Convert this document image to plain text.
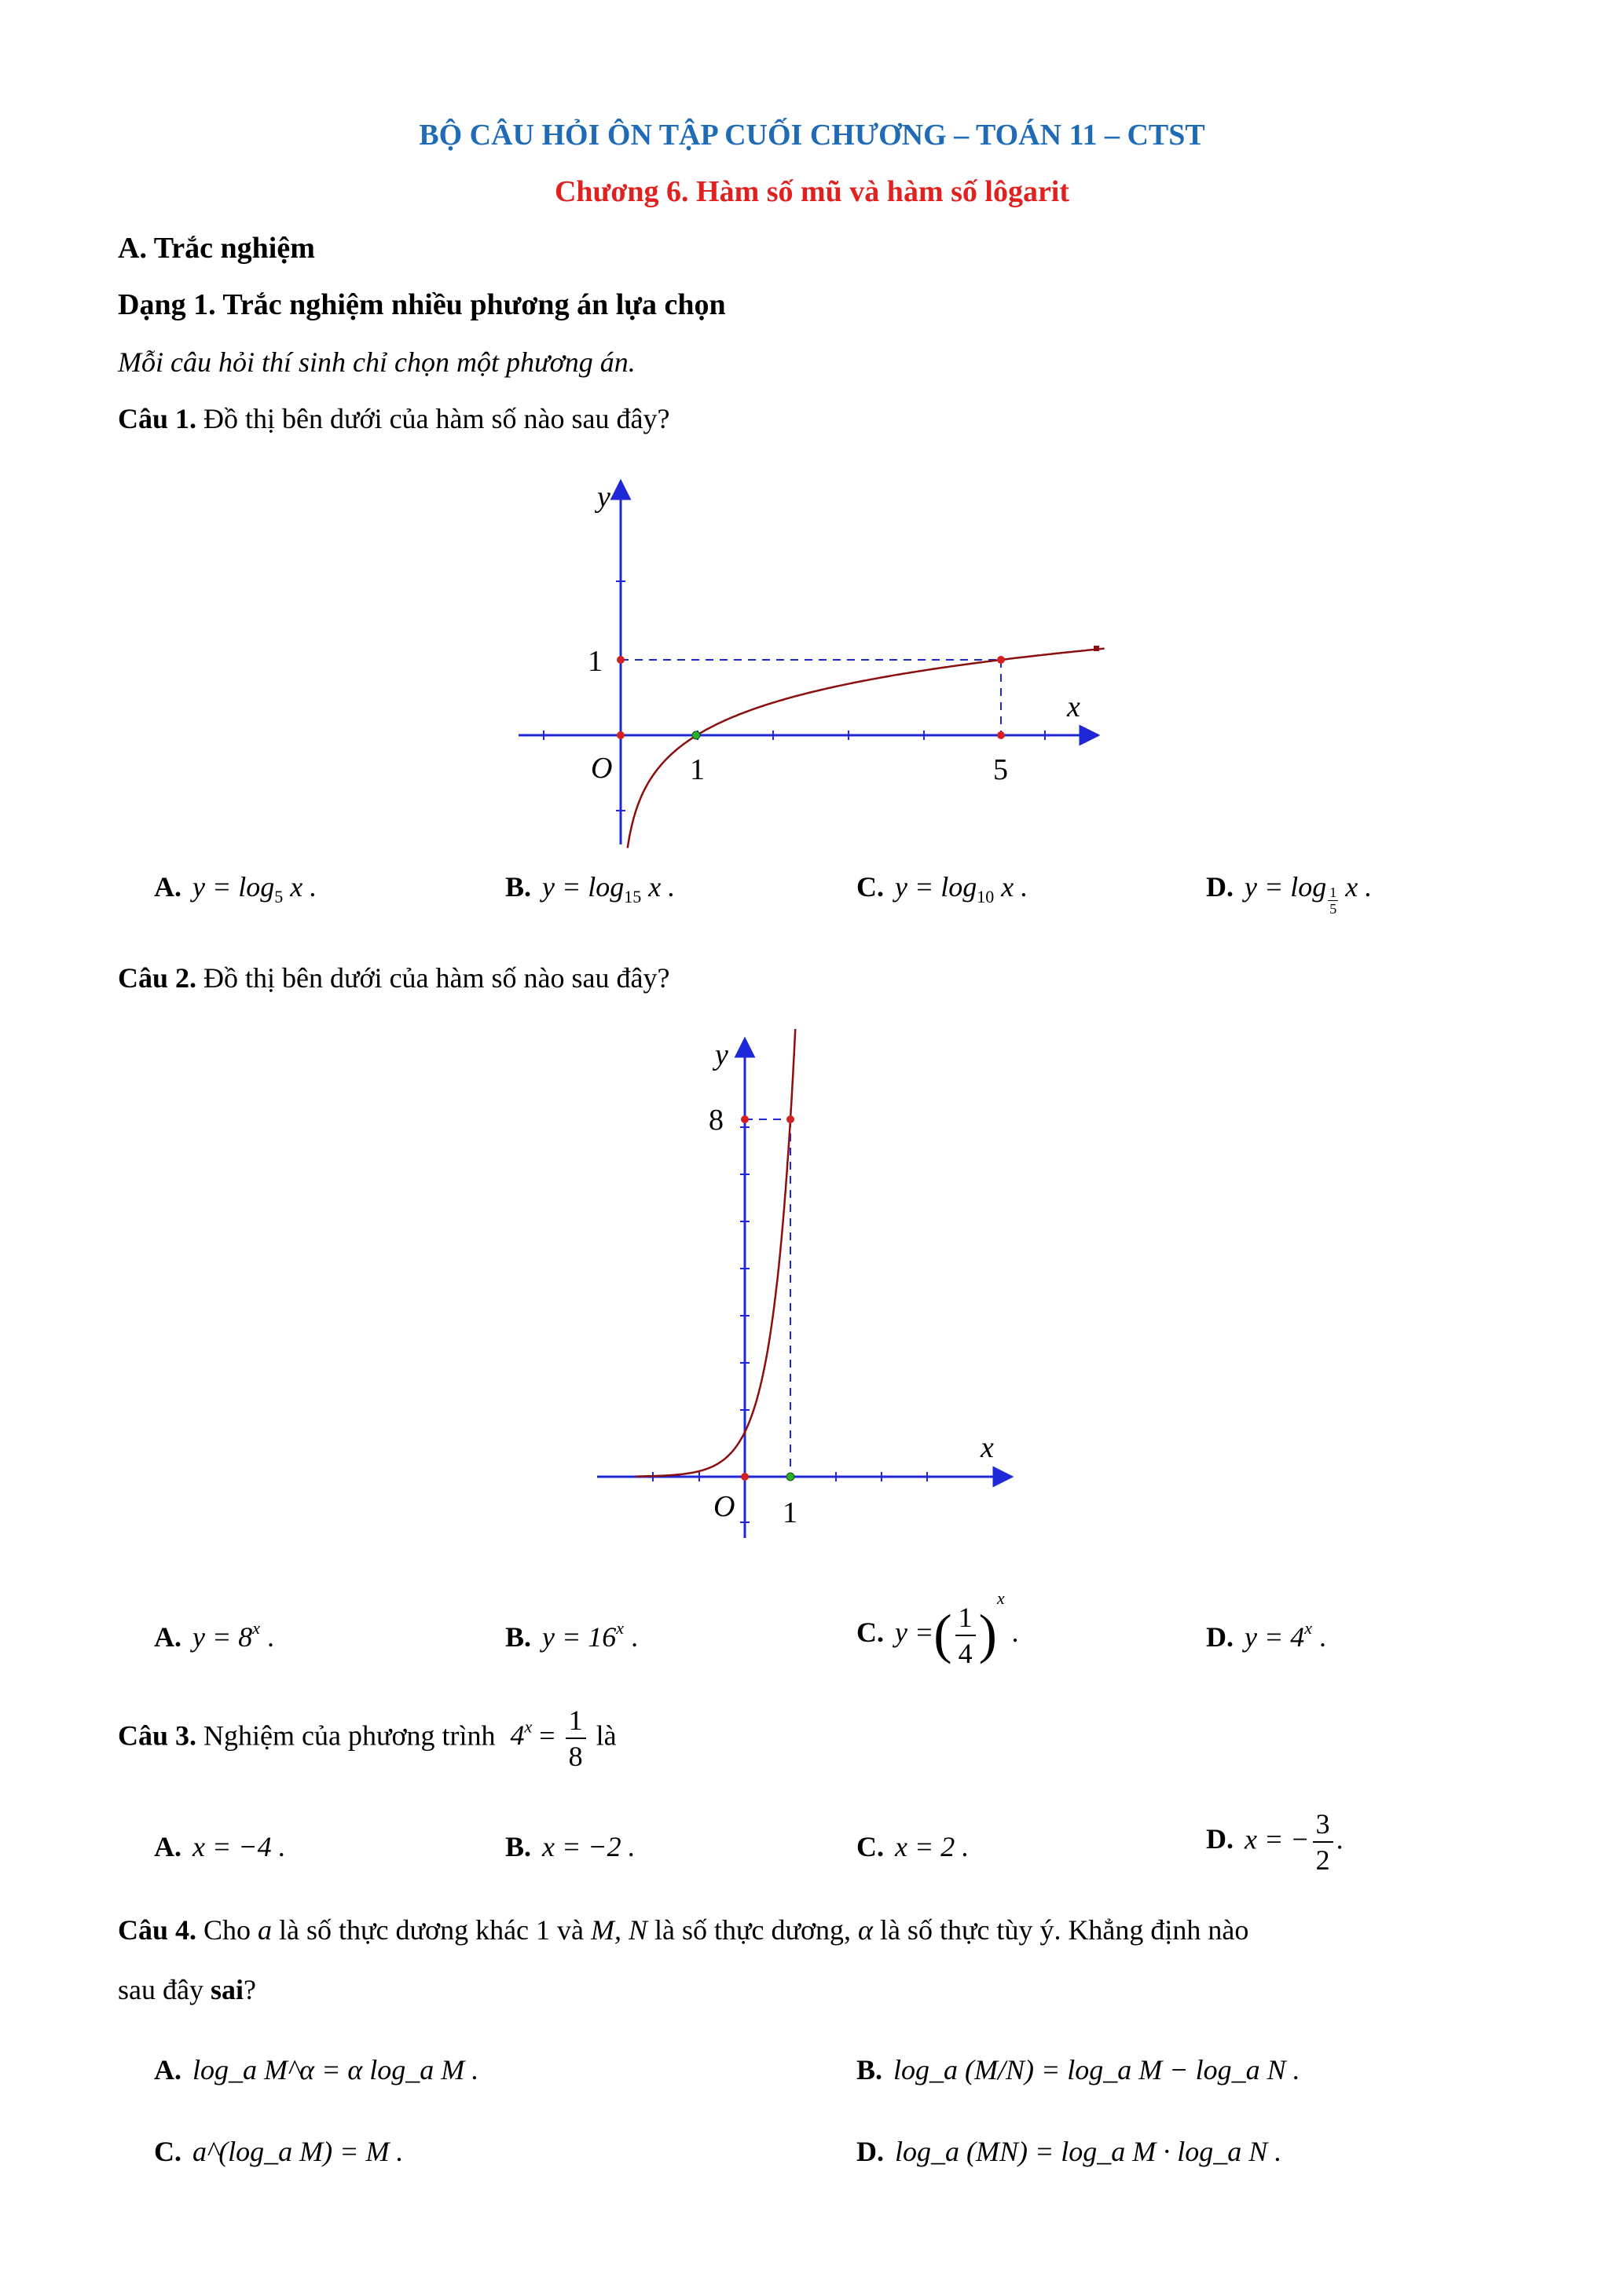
BỘ CÂU HỎI ÔN TẬP CUỐI CHƯƠNG – TOÁN 11 – CTST
Chương 6. Hàm số mũ và hàm số lôgarit
A. Trắc nghiệm
Dạng 1. Trắc nghiệm nhiều phương án lựa chọn
Mỗi câu hỏi thí sinh chỉ chọn một phương án.
Câu 1. Đồ thị bên dưới của hàm số nào sau đây?
y
x
O	1	5
1
A. $y = \log_5 x$ .	B. $y = \log_{15} x$ .	C. $y = \log_{10} x$ .	D. $y = \log \frac{1}{5}$ x .
Câu 2. Đồ thị bên dưới của hàm số nào sau đây?
y
x
O 1
8
A. $y = 8^x$ .	B. $y = 16^x$ .	C. y =( $\frac{1}{4} )^x$ .	D. $y = 4^x$ .
Câu 3. Nghiệm của phương trình $4^x = \frac{1}{8}$ là
A. x = −4 .	B. x = −2 .	C. x = 2 .	D. x = − $\frac{3}{2}$ .
Câu 4. Cho a là số thực dương khác 1 và M, N là số thực dương, α là số thực tùy ý. Khẳng định nào
sau đây sai?
A. log_a M^α = α log_a M .	B. log_a (M/N) = log_a M − log_a N .
C. a^(log_a M) = M .	D. log_a (MN) = log_a M · log_a N .
